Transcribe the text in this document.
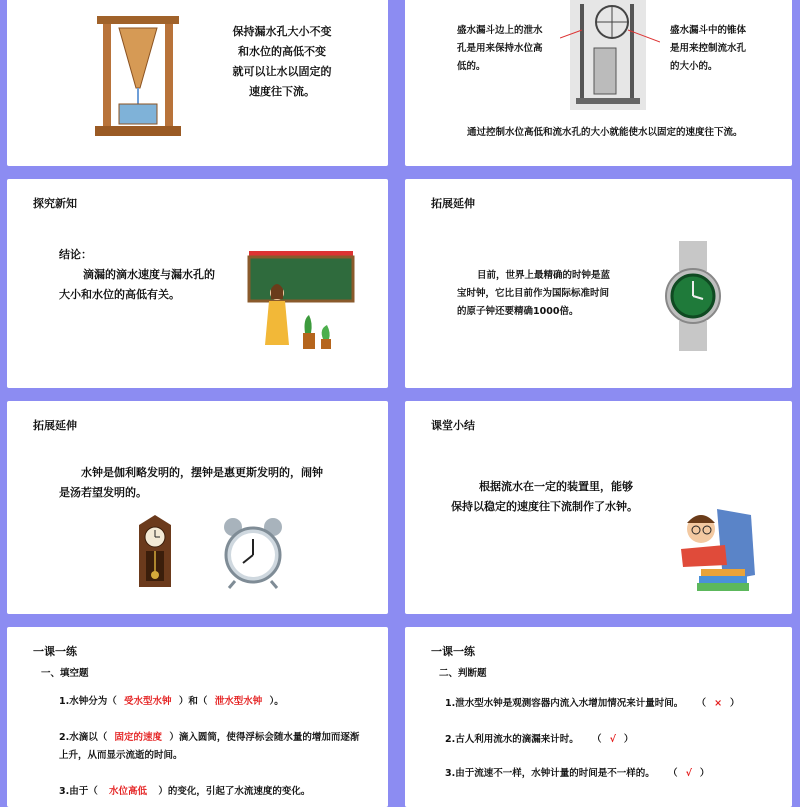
保持漏水孔大小不变
和水位的高低不变
就可以让水以固定的
速度往下流。
盛水漏斗边上的泄水
孔是用来保持水位高
低的。
盛水漏斗中的锥体
是用来控制流水孔
的大小的。
通过控制水位高低和流水孔的大小就能使水以固定的速度往下流。
探究新知
结论：
滴漏的滴水速度与漏水孔的
大小和水位的高低有关。
拓展延伸
目前，世界上最精确的时钟是蓝
宝时钟，它比目前作为国际标准时间
的原子钟还要精确1000倍。
拓展延伸
水钟是伽利略发明的，摆钟是惠更斯发明的，闹钟
是汤若望发明的。
课堂小结
根据流水在一定的装置里，能够
保持以稳定的速度往下流制作了水钟。
一课一练
一、填空题
1.水钟分为（ 受水型水钟 ）和（ 泄水型水钟 ）。
2.水滴以（ 固定的速度 ）滴入圆筒，使得浮标会随水量的增加而逐渐
上升，从而显示流逝的时间。
3.由于（ 水位高低 ）的变化，引起了水流速度的变化。
一课一练
二、判断题
1.泄水型水钟是观测容器内流入水增加情况来计量时间。 （ × ）
2.古人利用流水的滴漏来计时。 （ √ ）
3.由于流速不一样，水钟计量的时间是不一样的。 （ √ ）
